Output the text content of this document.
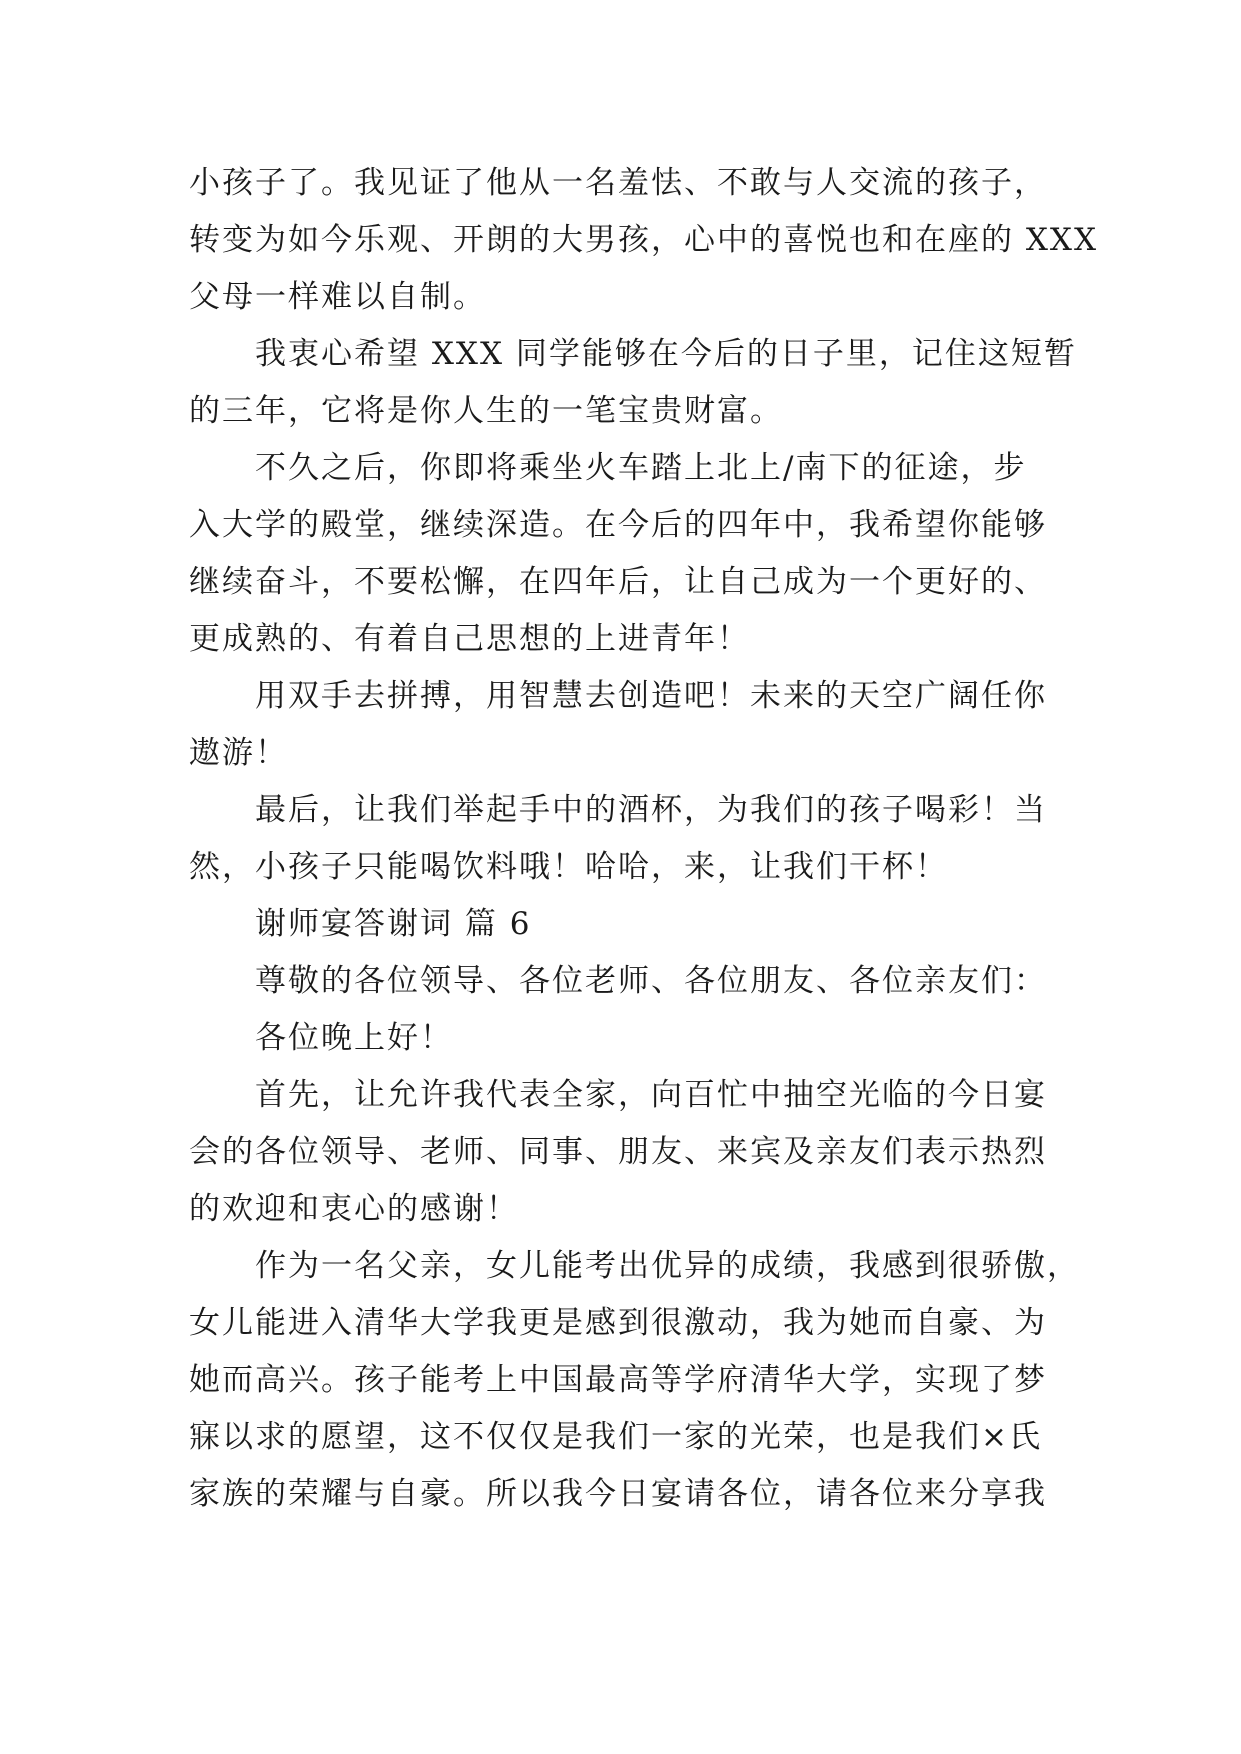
小孩子了。我见证了他从一名羞怯、不敢与人交流的孩子，
转变为如今乐观、开朗的大男孩，心中的喜悦也和在座的 XXX
父母一样难以自制。
我衷心希望 XXX 同学能够在今后的日子里，记住这短暂
的三年，它将是你人生的一笔宝贵财富。
不久之后，你即将乘坐火车踏上北上/南下的征途，步
入大学的殿堂，继续深造。在今后的四年中，我希望你能够
继续奋斗，不要松懈，在四年后，让自己成为一个更好的、
更成熟的、有着自己思想的上进青年！
用双手去拼搏，用智慧去创造吧！未来的天空广阔任你
遨游！
最后，让我们举起手中的酒杯，为我们的孩子喝彩！当
然，小孩子只能喝饮料哦！哈哈，来，让我们干杯！
谢师宴答谢词 篇 6
尊敬的各位领导、各位老师、各位朋友、各位亲友们：
各位晚上好！
首先，让允许我代表全家，向百忙中抽空光临的今日宴
会的各位领导、老师、同事、朋友、来宾及亲友们表示热烈
的欢迎和衷心的感谢！
作为一名父亲，女儿能考出优异的成绩，我感到很骄傲，
女儿能进入清华大学我更是感到很激动，我为她而自豪、为
她而高兴。孩子能考上中国最高等学府清华大学，实现了梦
寐以求的愿望，这不仅仅是我们一家的光荣，也是我们×氏
家族的荣耀与自豪。所以我今日宴请各位，请各位来分享我
